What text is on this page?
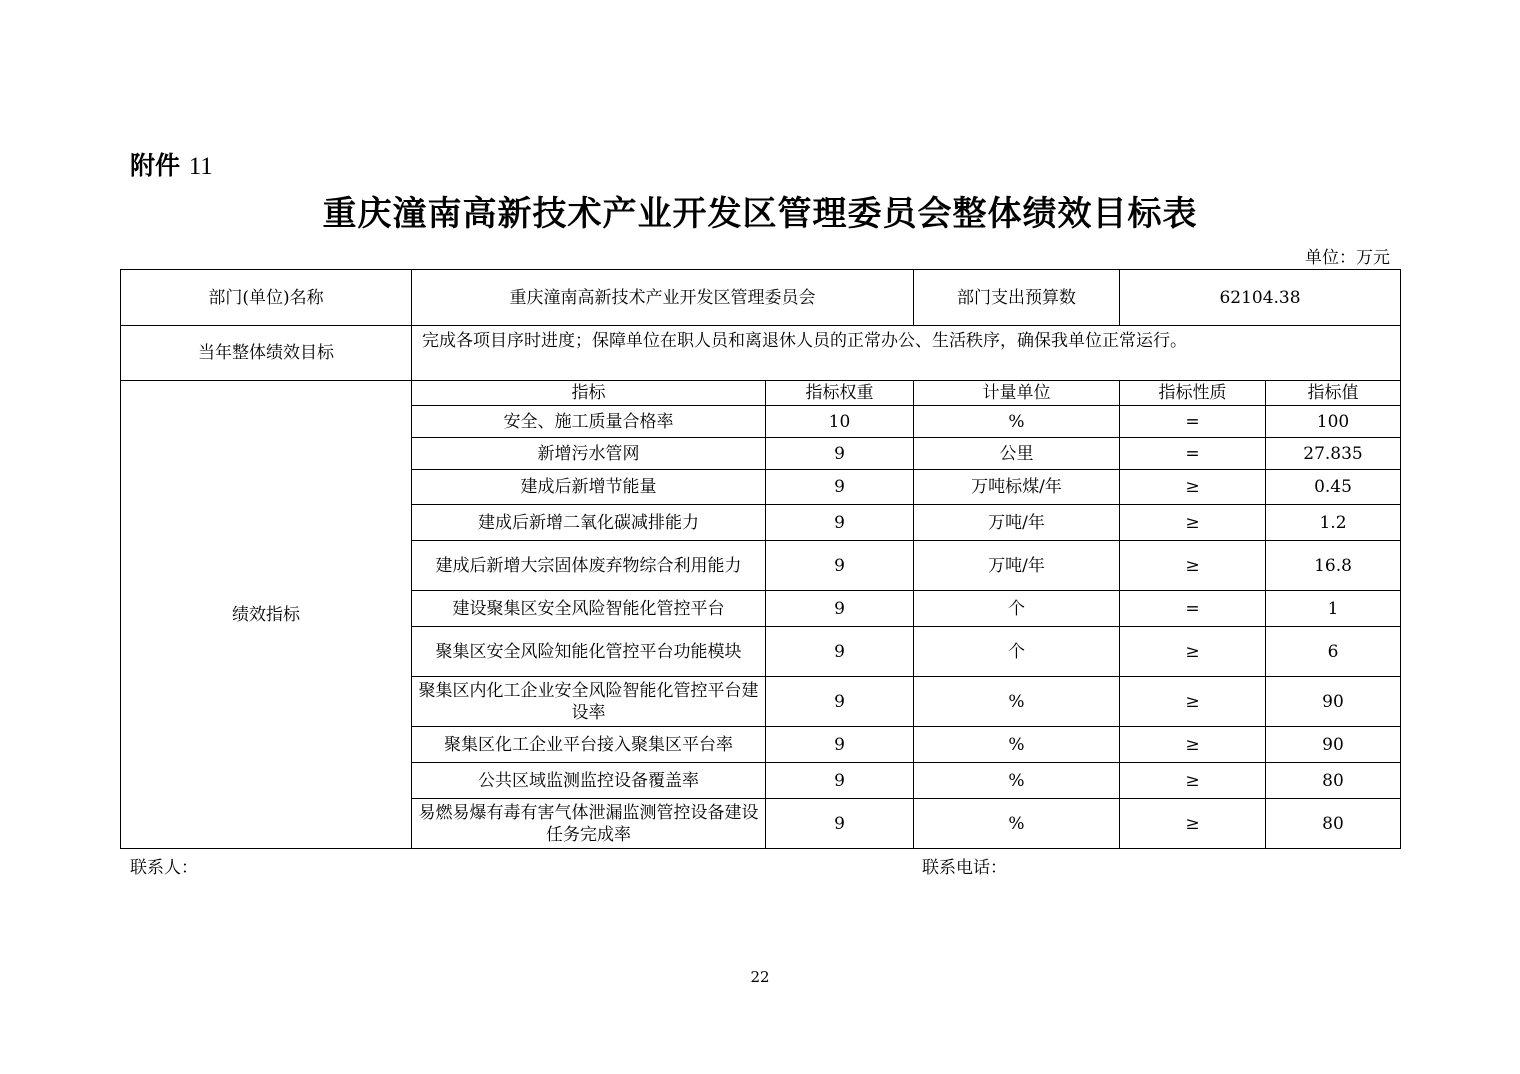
附件 11
重庆潼南高新技术产业开发区管理委员会整体绩效目标表
单位：万元
部门(单位)名称	重庆潼南高新技术产业开发区管理委员会		部门支出预算数	62104.38	
当年整体绩效目标	完成各项目序时进度；保障单位在职人员和离退休人员的正常办公、生活秩序，确保我单位正常运行。				
绩效指标	指标	指标权重	计量单位	指标性质	指标值
	安全、施工质量合格率	10	%	=	100
	新增污水管网	9	公里	=	27.835
	建成后新增节能量	9	万吨标煤/年	≥	0.45
	建成后新增二氧化碳减排能力	9	万吨/年	≥	1.2
	建成后新增大宗固体废弃物综合利用能力	9	万吨/年	≥	16.8
	建设聚集区安全风险智能化管控平台	9	个	=	1
	聚集区安全风险知能化管控平台功能模块	9	个	≥	6
	聚集区内化工企业安全风险智能化管控平台建设率	9	%	≥	90
	聚集区化工企业平台接入聚集区平台率	9	%	≥	90
	公共区域监测监控设备覆盖率	9	%	≥	80
	易燃易爆有毒有害气体泄漏监测管控设备建设任务完成率	9	%	≥	80
联系人：	联系电话：
22
